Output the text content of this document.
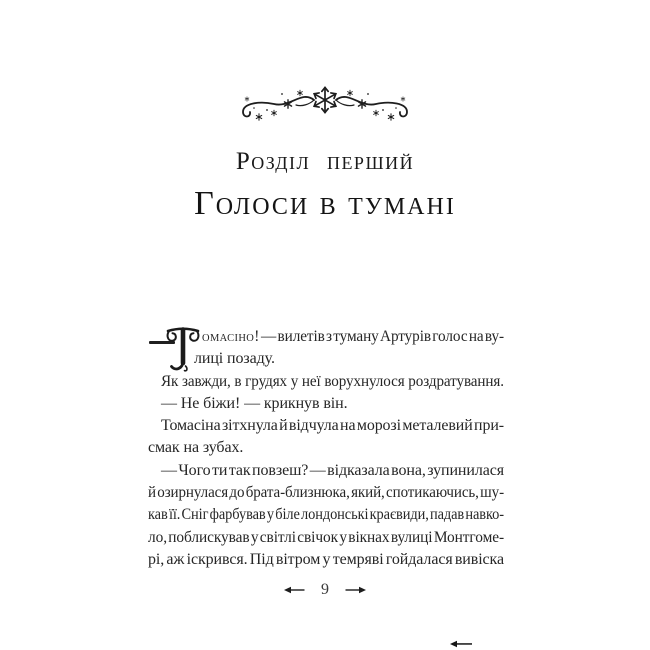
Розділ перший
Голоси в тумані
омасіно! — вилетів з туману Артурів голос на ву-
лиці позаду.
Як завжди, в грудях у неї ворухнулося роздратування.
— Не біжи! — крикнув він.
Томасіна зітхнула й відчула на морозі металевий при-
смак на зубах.
— Чого ти так повзеш? — відказала вона, зупинилася
й озирнулася до брата-близнюка, який, спотикаючись, шу-
кав її. Сніг фарбував у біле лондонські краєвиди, падав навко-
ло, поблискував у світлі свічок у вікнах вулиці Монтгоме-
рі, аж іскрився. Під вітром у темряві гойдалася вивіска
9
